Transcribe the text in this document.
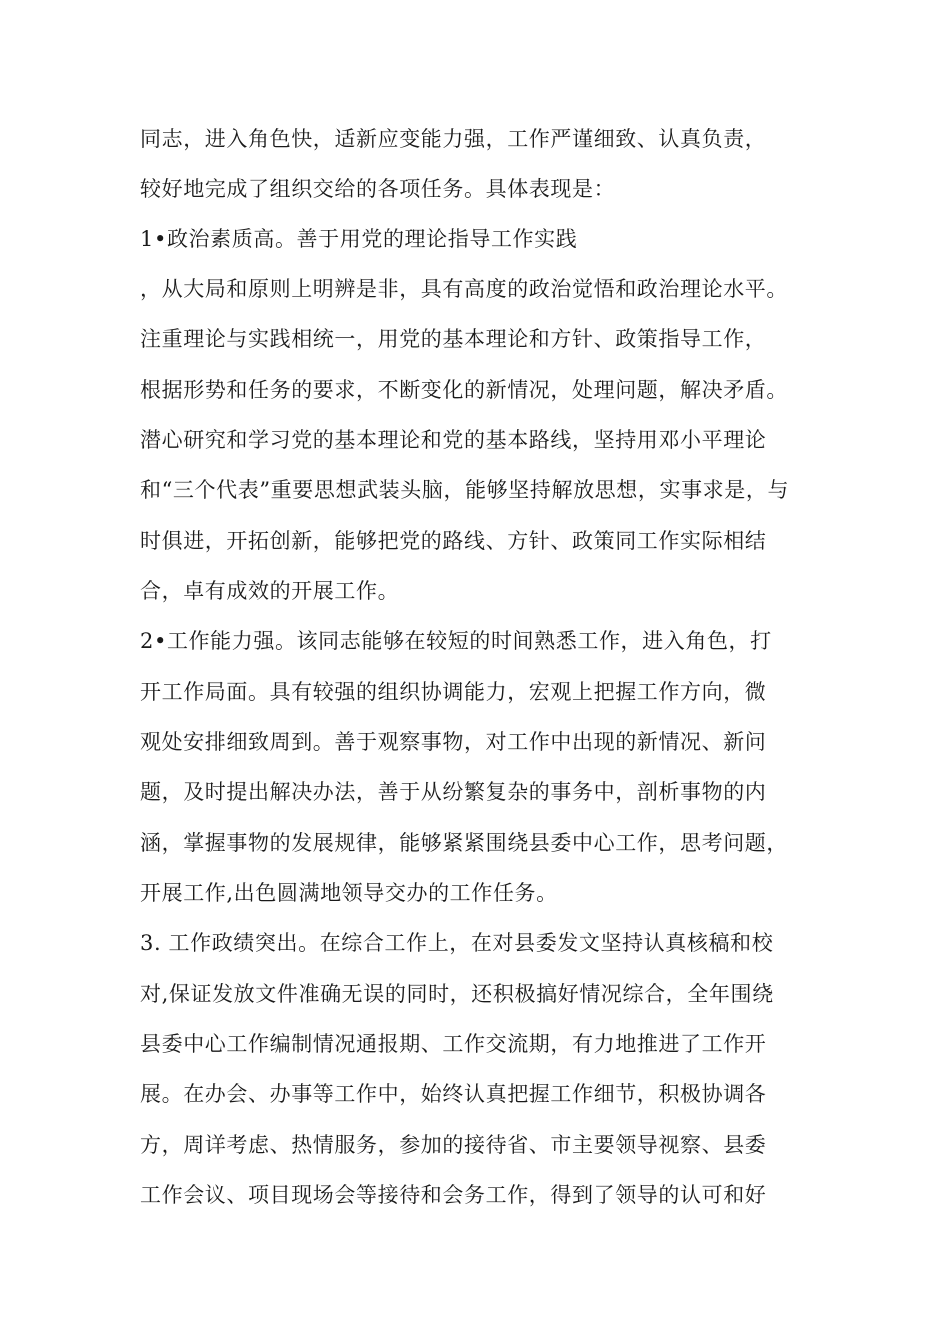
同志，进入角色快，适新应变能力强，工作严谨细致、认真负责，
较好地完成了组织交给的各项任务。具体表现是：
1•政治素质高。善于用党的理论指导工作实践
，从大局和原则上明辨是非，具有高度的政治觉悟和政治理论水平。
注重理论与实践相统一，用党的基本理论和方针、政策指导工作，
根据形势和任务的要求，不断变化的新情况，处理问题，解决矛盾。
潜心研究和学习党的基本理论和党的基本路线，坚持用邓小平理论
和“三个代表”重要思想武装头脑，能够坚持解放思想，实事求是，与
时俱进，开拓创新，能够把党的路线、方针、政策同工作实际相结
合，卓有成效的开展工作。
2•工作能力强。该同志能够在较短的时间熟悉工作，进入角色，打
开工作局面。具有较强的组织协调能力，宏观上把握工作方向，微
观处安排细致周到。善于观察事物，对工作中出现的新情况、新问
题，及时提出解决办法，善于从纷繁复杂的事务中，剖析事物的内
涵，掌握事物的发展规律，能够紧紧围绕县委中心工作，思考问题，
开展工作,出色圆满地领导交办的工作任务。
3. 工作政绩突出。在综合工作上，在对县委发文坚持认真核稿和校
对,保证发放文件准确无误的同时，还积极搞好情况综合，全年围绕
县委中心工作编制情况通报期、工作交流期，有力地推进了工作开
展。在办会、办事等工作中，始终认真把握工作细节，积极协调各
方，周详考虑、热情服务，参加的接待省、市主要领导视察、县委
工作会议、项目现场会等接待和会务工作，得到了领导的认可和好
